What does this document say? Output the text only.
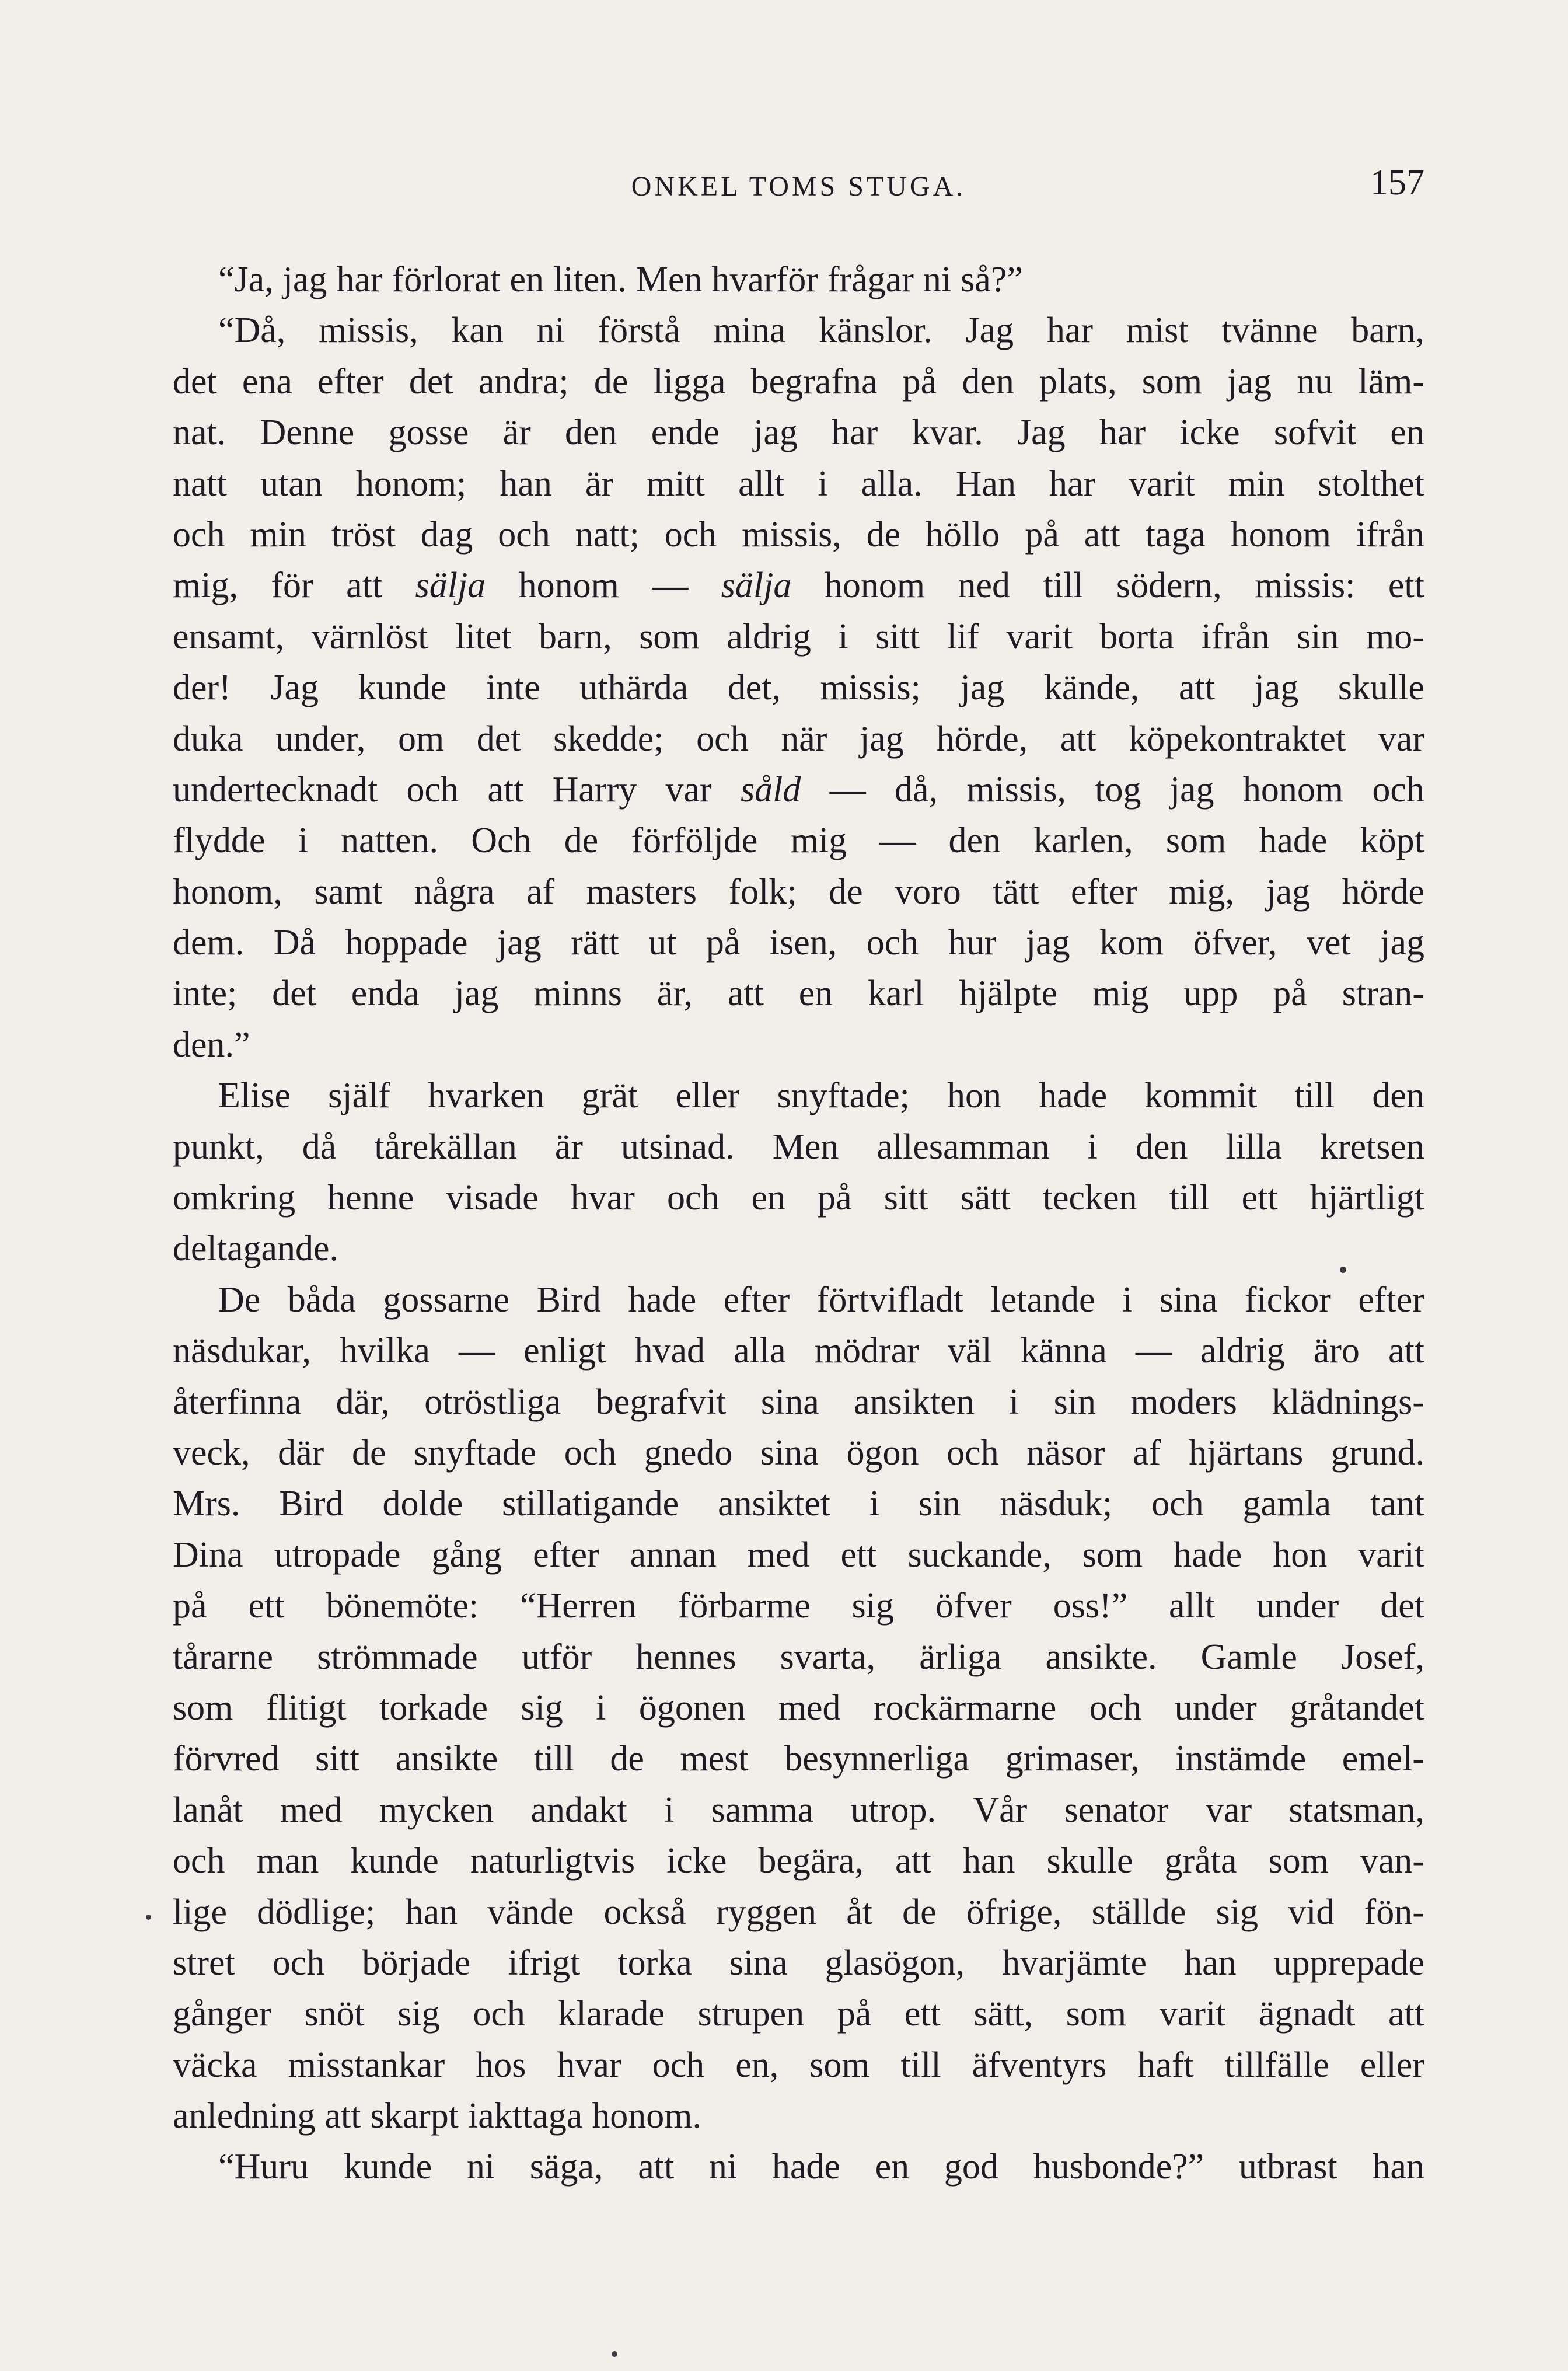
ONKEL TOMS STUGA.	157
“Ja, jag har förlorat en liten. Men hvarför frågar ni så?”
“Då, missis, kan ni förstå mina känslor. Jag har mist tvänne barn,
det ena efter det andra; de ligga begrafna på den plats, som jag nu läm-
nat. Denne gosse är den ende jag har kvar. Jag har icke sofvit en
natt utan honom; han är mitt allt i alla. Han har varit min stolthet
och min tröst dag och natt; och missis, de höllo på att taga honom ifrån
mig, för att sälja honom — sälja honom ned till södern, missis: ett
ensamt, värnlöst litet barn, som aldrig i sitt lif varit borta ifrån sin mo-
der! Jag kunde inte uthärda det, missis; jag kände, att jag skulle
duka under, om det skedde; och när jag hörde, att köpekontraktet var
undertecknadt och att Harry var såld — då, missis, tog jag honom och
flydde i natten. Och de förföljde mig — den karlen, som hade köpt
honom, samt några af masters folk; de voro tätt efter mig, jag hörde
dem. Då hoppade jag rätt ut på isen, och hur jag kom öfver, vet jag
inte; det enda jag minns är, att en karl hjälpte mig upp på stran-
den.”
Elise själf hvarken grät eller snyftade; hon hade kommit till den
punkt, då tårekällan är utsinad. Men allesamman i den lilla kretsen
omkring henne visade hvar och en på sitt sätt tecken till ett hjärtligt
deltagande.
De båda gossarne Bird hade efter förtvifladt letande i sina fickor efter
näsdukar, hvilka — enligt hvad alla mödrar väl känna — aldrig äro att
återfinna där, otröstliga begrafvit sina ansikten i sin moders klädnings-
veck, där de snyftade och gnedo sina ögon och näsor af hjärtans grund.
Mrs. Bird dolde stillatigande ansiktet i sin näsduk; och gamla tant
Dina utropade gång efter annan med ett suckande, som hade hon varit
på ett bönemöte: “Herren förbarme sig öfver oss!” allt under det
tårarne strömmade utför hennes svarta, ärliga ansikte. Gamle Josef,
som flitigt torkade sig i ögonen med rockärmarne och under gråtandet
förvred sitt ansikte till de mest besynnerliga grimaser, instämde emel-
lanåt med mycken andakt i samma utrop. Vår senator var statsman,
och man kunde naturligtvis icke begära, att han skulle gråta som van-
lige dödlige; han vände också ryggen åt de öfrige, ställde sig vid fön-
stret och började ifrigt torka sina glasögon, hvarjämte han upprepade
gånger snöt sig och klarade strupen på ett sätt, som varit ägnadt att
väcka misstankar hos hvar och en, som till äfventyrs haft tillfälle eller
anledning att skarpt iakttaga honom.
“Huru kunde ni säga, att ni hade en god husbonde?” utbrast han
